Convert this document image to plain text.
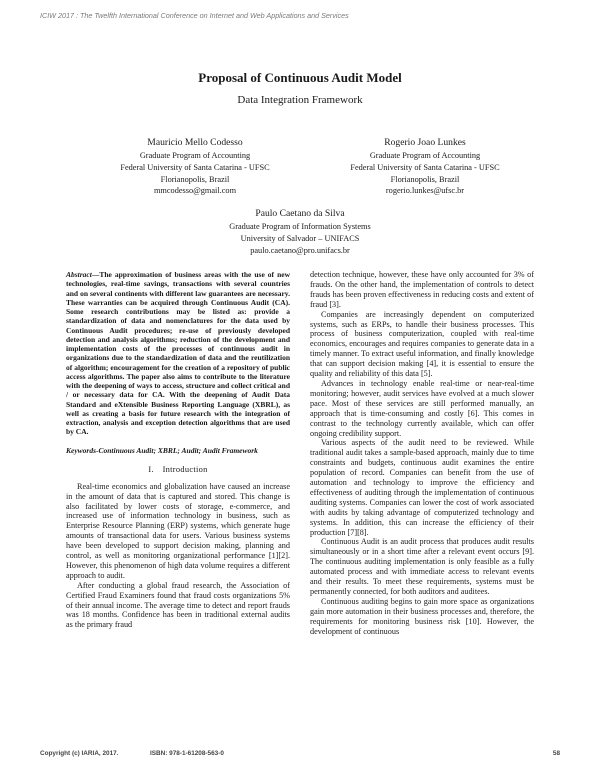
ICIW 2017 : The Twelfth International Conference on Internet and Web Applications and Services
Proposal of Continuous Audit Model
Data Integration Framework
Mauricio Mello Codesso
Graduate Program of Accounting
Federal University of Santa Catarina - UFSC
Florianopolis, Brazil
mmcodesso@gmail.com
Rogerio Joao Lunkes
Graduate Program of Accounting
Federal University of Santa Catarina - UFSC
Florianopolis, Brazil
rogerio.lunkes@ufsc.br
Paulo Caetano da Silva
Graduate Program of Information Systems
University of Salvador – UNIFACS
paulo.caetano@pro.unifacs.br

Abstract—The approximation of business areas with the use of new technologies, real-time savings, transactions with several countries and on several continents with different law guarantees are necessary. These warranties can be acquired through Continuous Audit (CA). Some research contributions may be listed as: provide a standardization of data and nomenclatures for the data used by Continuous Audit procedures; re-use of previously developed detection and analysis algorithms; reduction of the development and implementation costs of the processes of continuous audit in organizations due to the standardization of data and the reutilization of algorithm; encouragement for the creation of a repository of public access algorithms. The paper also aims to contribute to the literature with the deepening of ways to access, structure and collect critical and / or necessary data for CA. With the deepening of Audit Data Standard and eXtensible Business Reporting Language (XBRL), as well as creating a basis for future research with the integration of extraction, analysis and exception detection algorithms that are used by CA.

Keywords-Continuous Audit; XBRL; Audit; Audit Framework

I. Introduction

Real-time economics and globalization have caused an increase in the amount of data that is captured and stored. This change is also facilitated by lower costs of storage, e-commerce, and increased use of information technology in business, such as Enterprise Resource Planning (ERP) systems, which generate huge amounts of transactional data for users. Various business systems have been developed to support decision making, planning and control, as well as monitoring organizational performance [1][2]. However, this phenomenon of high data volume requires a different approach to audit.

After conducting a global fraud research, the Association of Certified Fraud Examiners found that fraud costs organizations 5% of their annual income. The average time to detect and report frauds was 18 months. Confidence has been in traditional external audits as the primary fraud

detection technique, however, these have only accounted for 3% of frauds. On the other hand, the implementation of controls to detect frauds has been proven effectiveness in reducing costs and extent of fraud [3].

Companies are increasingly dependent on computerized systems, such as ERPs, to handle their business processes. This process of business computerization, coupled with real-time economics, encourages and requires companies to generate data in a timely manner. To extract useful information, and finally knowledge that can support decision making [4], it is essential to ensure the quality and reliability of this data [5].

Advances in technology enable real-time or near-real-time monitoring; however, audit services have evolved at a much slower pace. Most of these services are still performed manually, an approach that is time-consuming and costly [6]. This comes in contrast to the technology currently available, which can offer ongoing credibility support.

Various aspects of the audit need to be reviewed. While traditional audit takes a sample-based approach, mainly due to time constraints and budgets, continuous audit examines the entire population of record. Companies can benefit from the use of automation and technology to improve the efficiency and effectiveness of auditing through the implementation of continuous auditing systems. Companies can lower the cost of work associated with audits by taking advantage of computerized technology and systems. In addition, this can increase the efficiency of their production [7][8].

Continuous Audit is an audit process that produces audit results simultaneously or in a short time after a relevant event occurs [9]. The continuous auditing implementation is only feasible as a fully automated process and with immediate access to relevant events and their results. To meet these requirements, systems must be permanently connected, for both auditors and auditees.

Continuous auditing begins to gain more space as organizations gain more automation in their business processes and, therefore, the requirements for monitoring business risk [10]. However, the development of continuous

Copyright (c) IARIA, 2017.	ISBN: 978-1-61208-563-0	58
